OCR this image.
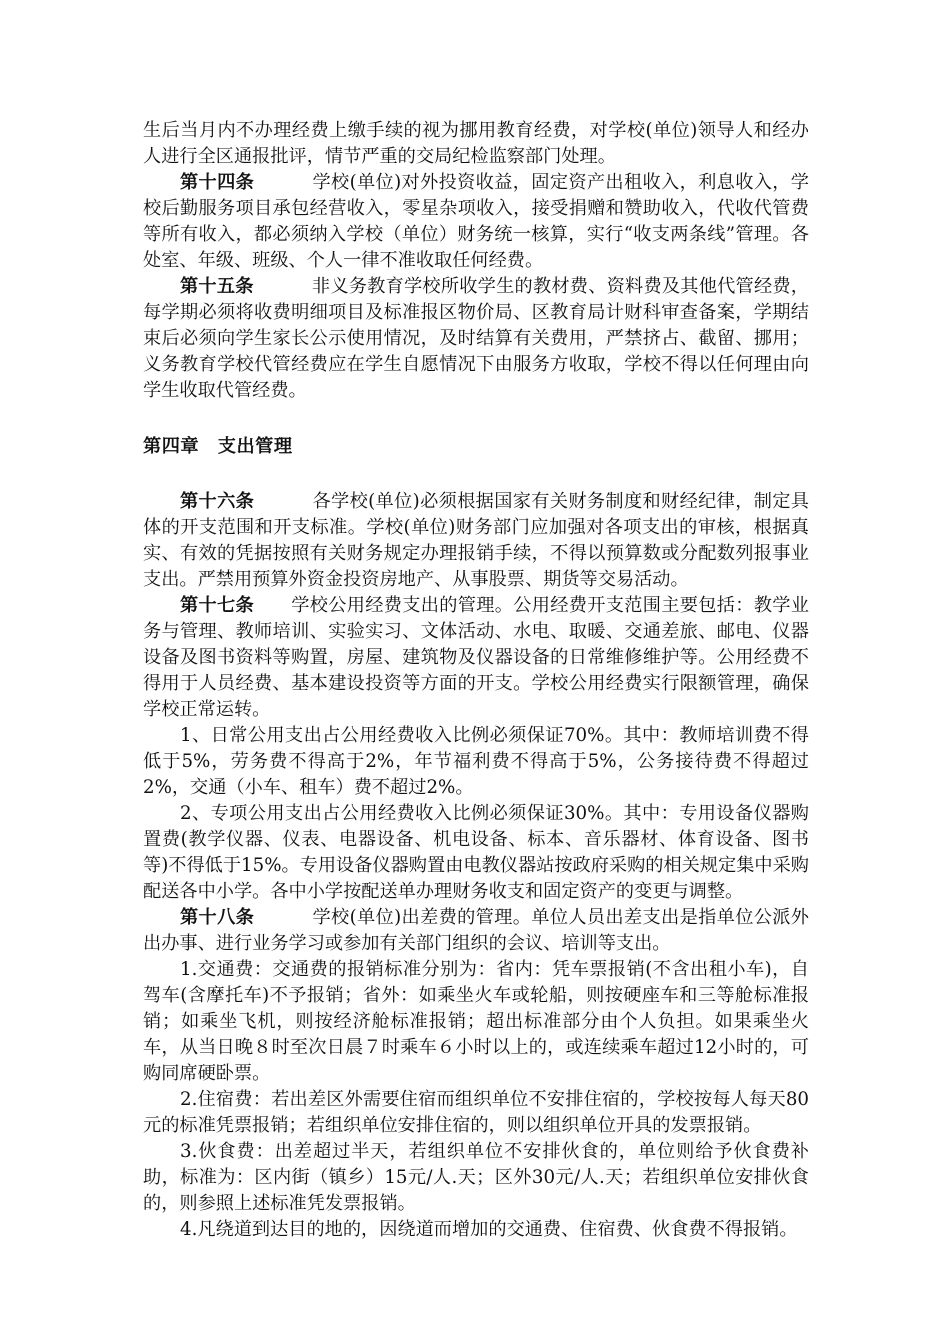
生后当月内不办理经费上缴手续的视为挪用教育经费，对学校(单位)领导人和经办人进行全区通报批评，情节严重的交局纪检监察部门处理。

第十四条	学校(单位)对外投资收益，固定资产出租收入，利息收入，学校后勤服务项目承包经营收入，零星杂项收入，接受捐赠和赞助收入，代收代管费等所有收入，都必须纳入学校（单位）财务统一核算，实行“收支两条线”管理。各处室、年级、班级、个人一律不准收取任何经费。

第十五条	非义务教育学校所收学生的教材费、资料费及其他代管经费，每学期必须将收费明细项目及标准报区物价局、区教育局计财科审查备案，学期结束后必须向学生家长公示使用情况，及时结算有关费用，严禁挤占、截留、挪用；义务教育学校代管经费应在学生自愿情况下由服务方收取，学校不得以任何理由向学生收取代管经费。

第四章　支出管理

第十六条	各学校(单位)必须根据国家有关财务制度和财经纪律，制定具体的开支范围和开支标准。学校(单位)财务部门应加强对各项支出的审核，根据真实、有效的凭据按照有关财务规定办理报销手续，不得以预算数或分配数列报事业支出。严禁用预算外资金投资房地产、从事股票、期货等交易活动。

第十七条 学校公用经费支出的管理。公用经费开支范围主要包括：教学业务与管理、教师培训、实验实习、文体活动、水电、取暖、交通差旅、邮电、仪器设备及图书资料等购置，房屋、建筑物及仪器设备的日常维修维护等。公用经费不得用于人员经费、基本建设投资等方面的开支。学校公用经费实行限额管理，确保学校正常运转。

1、日常公用支出占公用经费收入比例必须保证70%。其中：教师培训费不得低于5%，劳务费不得高于2%，年节福利费不得高于5%，公务接待费不得超过2%，交通（小车、租车）费不超过2%。

2、专项公用支出占公用经费收入比例必须保证30%。其中：专用设备仪器购置费(教学仪器、仪表、电器设备、机电设备、标本、音乐器材、体育设备、图书等)不得低于15%。专用设备仪器购置由电教仪器站按政府采购的相关规定集中采购配送各中小学。各中小学按配送单办理财务收支和固定资产的变更与调整。

第十八条	学校(单位)出差费的管理。单位人员出差支出是指单位公派外出办事、进行业务学习或参加有关部门组织的会议、培训等支出。

1.交通费：交通费的报销标准分别为：省内：凭车票报销(不含出租小车)，自驾车(含摩托车)不予报销；省外：如乘坐火车或轮船，则按硬座车和三等舱标准报销；如乘坐飞机，则按经济舱标准报销；超出标准部分由个人负担。如果乘坐火车，从当日晚８时至次日晨７时乘车６小时以上的，或连续乘车超过12小时的，可购同席硬卧票。

2.住宿费：若出差区外需要住宿而组织单位不安排住宿的，学校按每人每天80元的标准凭票报销；若组织单位安排住宿的，则以组织单位开具的发票报销。

3.伙食费：出差超过半天，若组织单位不安排伙食的，单位则给予伙食费补助，标准为：区内街（镇乡）15元/人.天；区外30元/人.天；若组织单位安排伙食的，则参照上述标准凭发票报销。

4.凡绕道到达目的地的，因绕道而增加的交通费、住宿费、伙食费不得报销。
